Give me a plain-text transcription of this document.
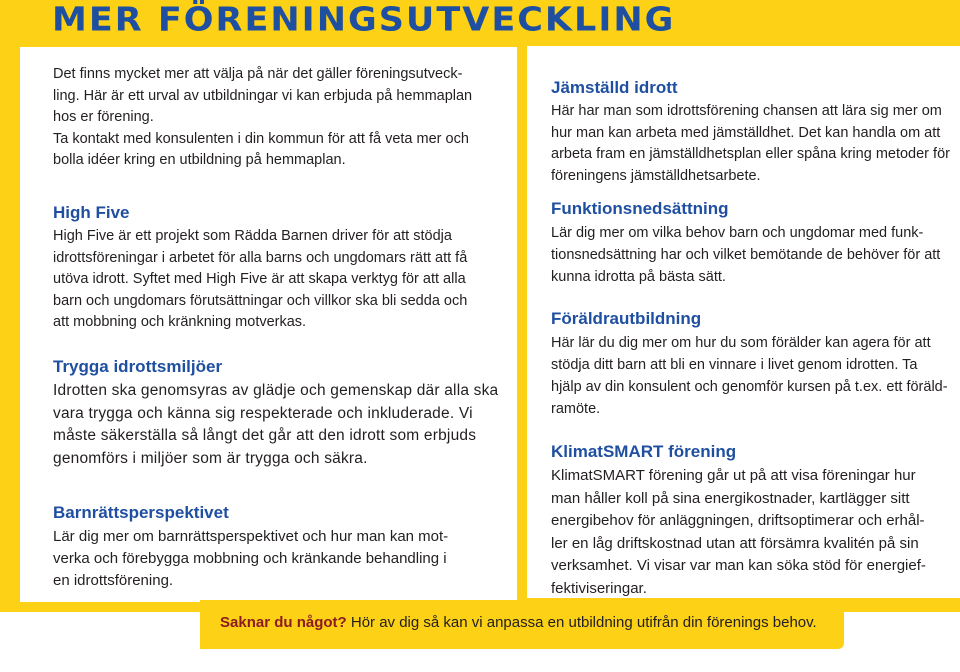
MER FÖRENINGSUTVECKLING

Det finns mycket mer att välja på när det gäller föreningsutveck-
ling. Här är ett urval av utbildningar vi kan erbjuda på hemmaplan
hos er förening.
Ta kontakt med konsulenten i din kommun för att få veta mer och
bolla idéer kring en utbildning på hemmaplan.

High Five

High Five är ett projekt som Rädda Barnen driver för att stödja
idrottsföreningar i arbetet för alla barns och ungdomars rätt att få
utöva idrott. Syftet med High Five är att skapa verktyg för att alla
barn och ungdomars förutsättningar och villkor ska bli sedda och
att mobbning och kränkning motverkas.

Trygga idrottsmiljöer

Idrotten ska genomsyras av glädje och gemenskap där alla ska
vara trygga och känna sig respekterade och inkluderade. Vi
måste säkerställa så långt det går att den idrott som erbjuds
genomförs i miljöer som är trygga och säkra.

Barnrättsperspektivet

Lär dig mer om barnrättsperspektivet och hur man kan mot-
verka och förebygga mobbning och kränkande behandling i
en idrottsförening.

Jämställd idrott

Här har man som idrottsförening chansen att lära sig mer om
hur man kan arbeta med jämställdhet. Det kan handla om att
arbeta fram en jämställdhetsplan eller spåna kring metoder för
föreningens jämställdhetsarbete.

Funktionsnedsättning

Lär dig mer om vilka behov barn och ungdomar med funk-
tionsnedsättning har och vilket bemötande de behöver för att
kunna idrotta på bästa sätt.

Föräldrautbildning

Här lär du dig mer om hur du som förälder kan agera för att
stödja ditt barn att bli en vinnare i livet genom idrotten. Ta
hjälp av din konsulent och genomför kursen på t.ex. ett föräld-
ramöte.

KlimatSMART förening

KlimatSMART förening går ut på att visa föreningar hur
man håller koll på sina energikostnader, kartlägger sitt
energibehov för anläggningen, driftsoptimerar och erhål-
ler en låg driftskostnad utan att försämra kvalitén på sin
verksamhet. Vi visar var man kan söka stöd för energief-
fektiviseringar.

Saknar du något? Hör av dig så kan vi anpassa en utbildning utifrån din förenings behov.
